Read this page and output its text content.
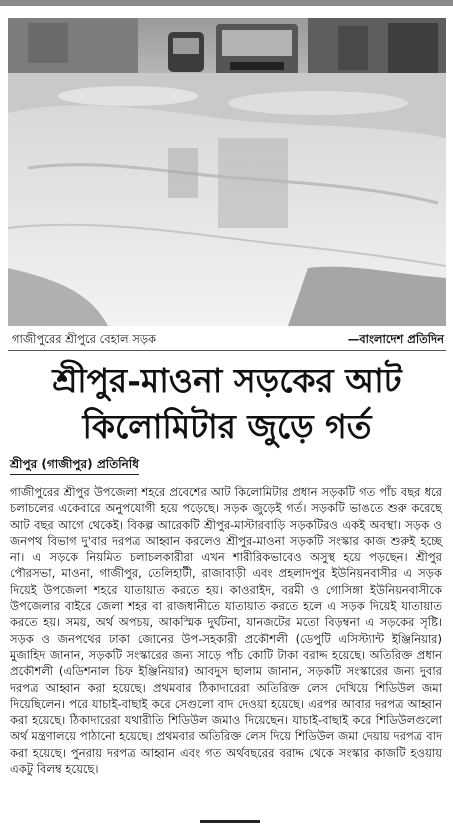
গাজীপুরের শ্রীপুরে বেহাল সড়ক	—বাংলাদেশ প্রতিদিন
শ্রীপুর-মাওনা সড়কের আট
কিলোমিটার জুড়ে গর্ত
শ্রীপুর (গাজীপুর) প্রতিনিধি

গাজীপুরের শ্রীপুর উপজেলা শহরে প্রবেশের আট কিলোমিটার প্রধান সড়কটি গত পাঁচ বছর ধরে চলাচলের একেবারে অনুপযোগী হয়ে পড়েছে। সড়ক জুড়েই গর্ত। সড়কটি ভাঙতে শুরু করেছে আট বছর আগে থেকেই। বিকল্প আরেকটি শ্রীপুর-মাস্টারবাড়ি সড়কটিরও একই অবস্থা। সড়ক ও জনপথ বিভাগ দু'বার দরপত্র আহ্বান করলেও শ্রীপুর-মাওনা সড়কটি সংস্কার কাজ শুরুই হচ্ছে না। এ সড়কে নিয়মিত চলাচলকারীরা এখন শারীরিকভাবেও অসুস্থ হয়ে পড়ছেন। শ্রীপুর পৌরসভা, মাওনা, গাজীপুর, তেলিহাটী, রাজাবাড়ী এবং প্রহলাদপুর ইউনিয়নবাসীর এ সড়ক দিয়েই উপজেলা শহরে যাতায়াত করতে হয়। কাওরাইদ, বরমী ও গোসিঙ্গা ইউনিয়নবাসীকে উপজেলার বাইরে জেলা শহর বা রাজধানীতে যাতায়াত করতে হলে এ সড়ক দিয়েই যাতায়াত করতে হয়। সময়, অর্থ অপচয়, আকস্মিক দুর্ঘটনা, যানজটের মতো বিড়ম্বনা এ সড়কের সৃষ্টি। সড়ক ও জনপথের ঢাকা জোনের উপ-সহকারী প্রকৌশলী (ডেপুটি এসিস্ট্যান্ট ইঞ্জিনিয়ার) মুজাহিদ জানান, সড়কটি সংস্কারের জন্য সাড়ে পাঁচ কোটি টাকা বরাদ্দ হয়েছে। অতিরিক্ত প্রধান প্রকৌশলী (এডিশনাল চিফ ইঞ্জিনিয়ার) আবদুস ছালাম জানান, সড়কটি সংস্কারের জন্য দুবার দরপত্র আহ্বান করা হয়েছে। প্রথমবার ঠিকাদারেরা অতিরিক্ত লেস দেখিয়ে শিডিউল জমা দিয়েছিলেন। পরে যাচাই-বাছাই করে সেগুলো বাদ দেওয়া হয়েছে। এরপর আবার দরপত্র আহ্বান করা হয়েছে। ঠিকাদারেরা যথারীতি শিডিউল জমাও দিয়েছেন। যাচাই-বাছাই করে শিডিউলগুলো অর্থ মন্ত্রণালয়ে পাঠানো হয়েছে। প্রথমবার অতিরিক্ত লেস দিয়ে শিডিউল জমা দেয়ায় দরপত্র বাদ করা হয়েছে। পুনরায় দরপত্র আহ্বান এবং গত অর্থবছরের বরাদ্দ থেকে সংস্কার কাজটি হওয়ায় একটু বিলম্ব হয়েছে।
